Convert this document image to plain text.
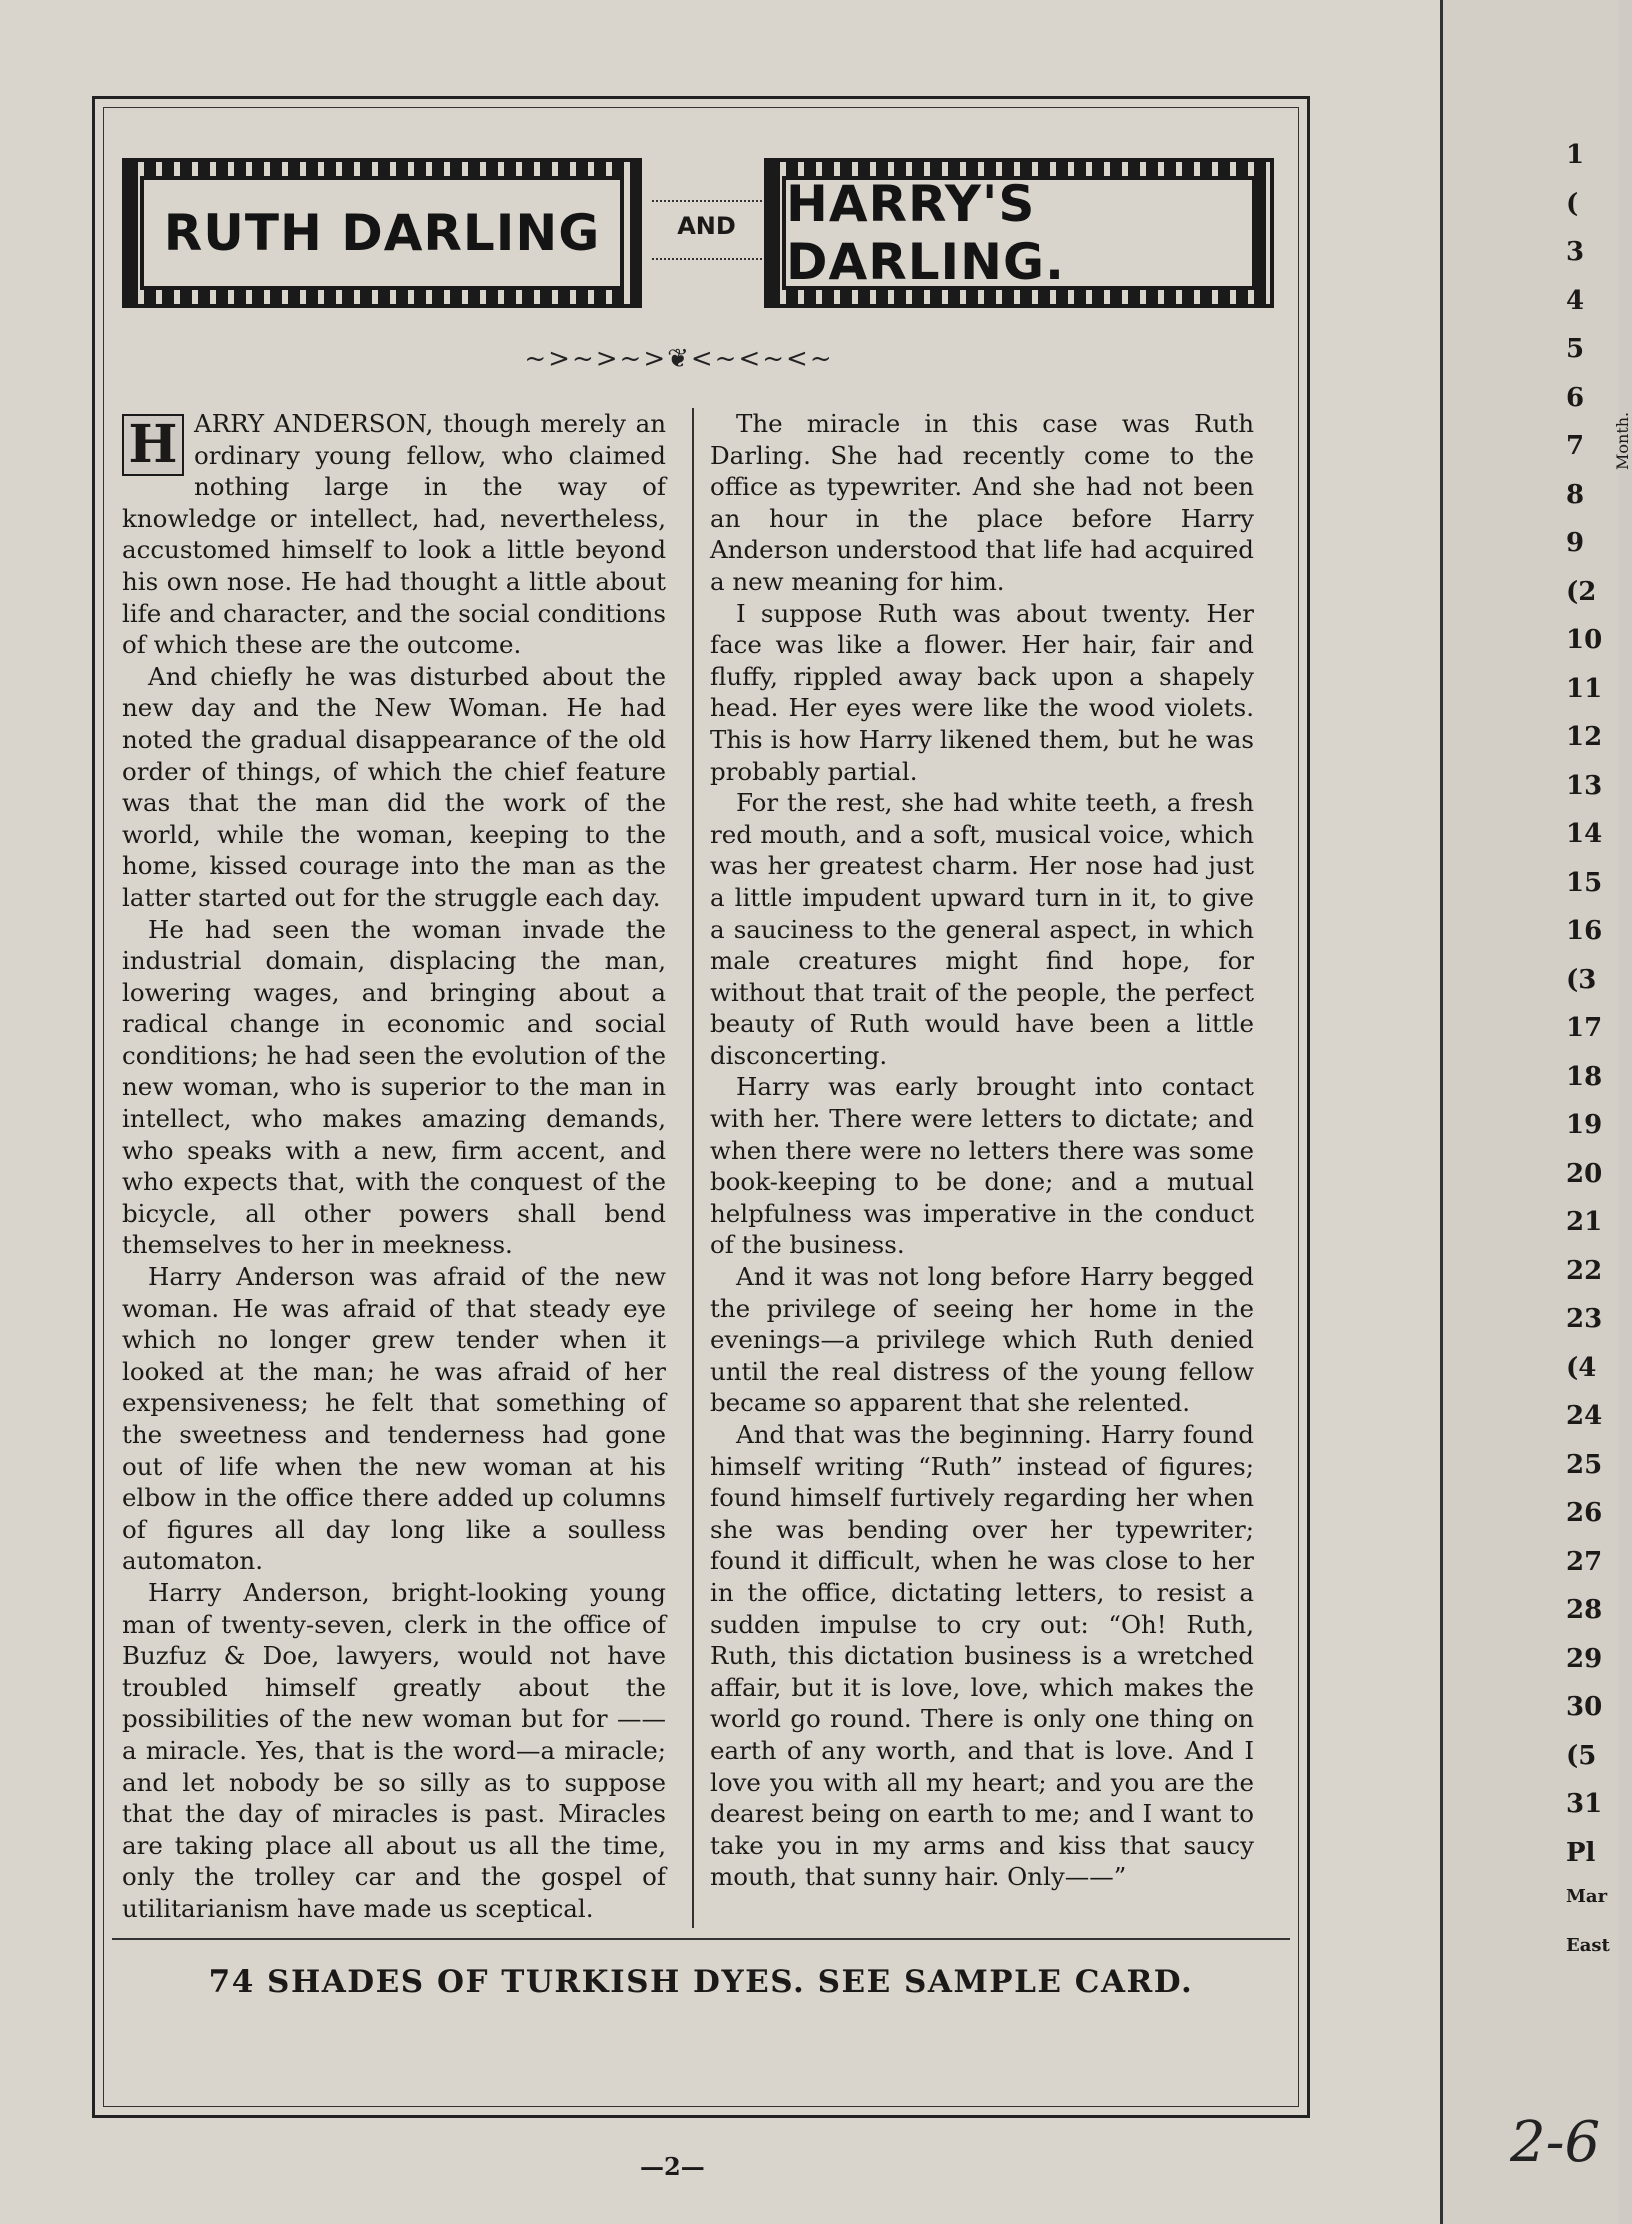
RUTH DARLING	AND	HARRY'S DARLING.
~>~>~>❦<~<~<~

H ARRY ANDERSON, though merely an ordinary young fellow, who claimed nothing large in the way of knowledge or intellect, had, nevertheless, accustomed himself to look a little beyond his own nose. He had thought a little about life and character, and the social conditions of which these are the outcome.

And chiefly he was disturbed about the new day and the New Woman. He had noted the gradual disappearance of the old order of things, of which the chief feature was that the man did the work of the world, while the woman, keeping to the home, kissed courage into the man as the latter started out for the struggle each day.

He had seen the woman invade the industrial domain, displacing the man, lowering wages, and bringing about a radical change in economic and social conditions; he had seen the evolution of the new woman, who is superior to the man in intellect, who makes amazing demands, who speaks with a new, firm accent, and who expects that, with the conquest of the bicycle, all other powers shall bend themselves to her in meekness.

Harry Anderson was afraid of the new woman. He was afraid of that steady eye which no longer grew tender when it looked at the man; he was afraid of her expensiveness; he felt that something of the sweetness and tenderness had gone out of life when the new woman at his elbow in the office there added up columns of figures all day long like a soulless automaton.

Harry Anderson, bright-looking young man of twenty-seven, clerk in the office of Buzfuz & Doe, lawyers, would not have troubled himself greatly about the possibilities of the new woman but for ——a miracle. Yes, that is the word—a miracle; and let nobody be so silly as to suppose that the day of miracles is past. Miracles are taking place all about us all the time, only the trolley car and the gospel of utilitarianism have made us sceptical.

The miracle in this case was Ruth Darling. She had recently come to the office as typewriter. And she had not been an hour in the place before Harry Anderson understood that life had acquired a new meaning for him.

I suppose Ruth was about twenty. Her face was like a flower. Her hair, fair and fluffy, rippled away back upon a shapely head. Her eyes were like the wood violets. This is how Harry likened them, but he was probably partial.

For the rest, she had white teeth, a fresh red mouth, and a soft, musical voice, which was her greatest charm. Her nose had just a little impudent upward turn in it, to give a sauciness to the general aspect, in which male creatures might find hope, for without that trait of the people, the perfect beauty of Ruth would have been a little disconcerting.

Harry was early brought into contact with her. There were letters to dictate; and when there were no letters there was some book-keeping to be done; and a mutual helpfulness was imperative in the conduct of the business.

And it was not long before Harry begged the privilege of seeing her home in the evenings—a privilege which Ruth denied until the real distress of the young fellow became so apparent that she relented.

And that was the beginning. Harry found himself writing “Ruth” instead of figures; found himself furtively regarding her when she was bending over her typewriter; found it difficult, when he was close to her in the office, dictating letters, to resist a sudden impulse to cry out: “Oh! Ruth, Ruth, this dictation business is a wretched affair, but it is love, love, which makes the world go round. There is only one thing on earth of any worth, and that is love. And I love you with all my heart; and you are the dearest being on earth to me; and I want to take you in my arms and kiss that saucy mouth, that sunny hair. Only——”

74 SHADES OF TURKISH DYES. SEE SAMPLE CARD.
—2—
Month.
1
(
3
4
5
6
7
8
9
(2
10
11
12
13
14
15
16
(3
17
18
19
20
21
22
23
(4
24
25
26
27
28
29
30
(5
31
Pl
Mar
East
2-6
